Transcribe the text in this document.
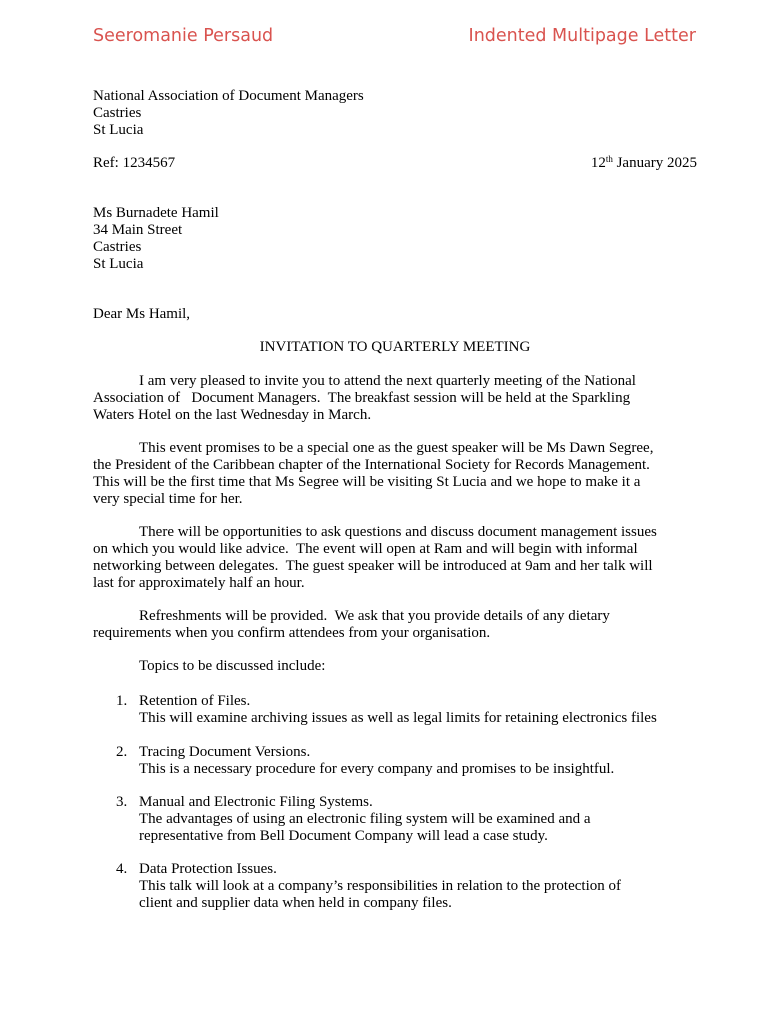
Seeromanie Persaud	Indented Multipage Letter
National Association of Document Managers
Castries
St Lucia
Ref: 1234567	12th January 2025
Ms Burnadete Hamil
34 Main Street
Castries
St Lucia
Dear Ms Hamil,
INVITATION TO QUARTERLY MEETING
I am very pleased to invite you to attend the next quarterly meeting of the National
Association of   Document Managers.  The breakfast session will be held at the Sparkling
Waters Hotel on the last Wednesday in March.
This event promises to be a special one as the guest speaker will be Ms Dawn Segree,
the President of the Caribbean chapter of the International Society for Records Management.
This will be the first time that Ms Segree will be visiting St Lucia and we hope to make it a
very special time for her.
There will be opportunities to ask questions and discuss document management issues
on which you would like advice.  The event will open at Ram and will begin with informal
networking between delegates.  The guest speaker will be introduced at 9am and her talk will
last for approximately half an hour.
Refreshments will be provided.  We ask that you provide details of any dietary
requirements when you confirm attendees from your organisation.
Topics to be discussed include:
1. Retention of Files.
This will examine archiving issues as well as legal limits for retaining electronics files
2. Tracing Document Versions.
This is a necessary procedure for every company and promises to be insightful.
3. Manual and Electronic Filing Systems.
The advantages of using an electronic filing system will be examined and a
representative from Bell Document Company will lead a case study.
4. Data Protection Issues.
This talk will look at a company’s responsibilities in relation to the protection of
client and supplier data when held in company files.
